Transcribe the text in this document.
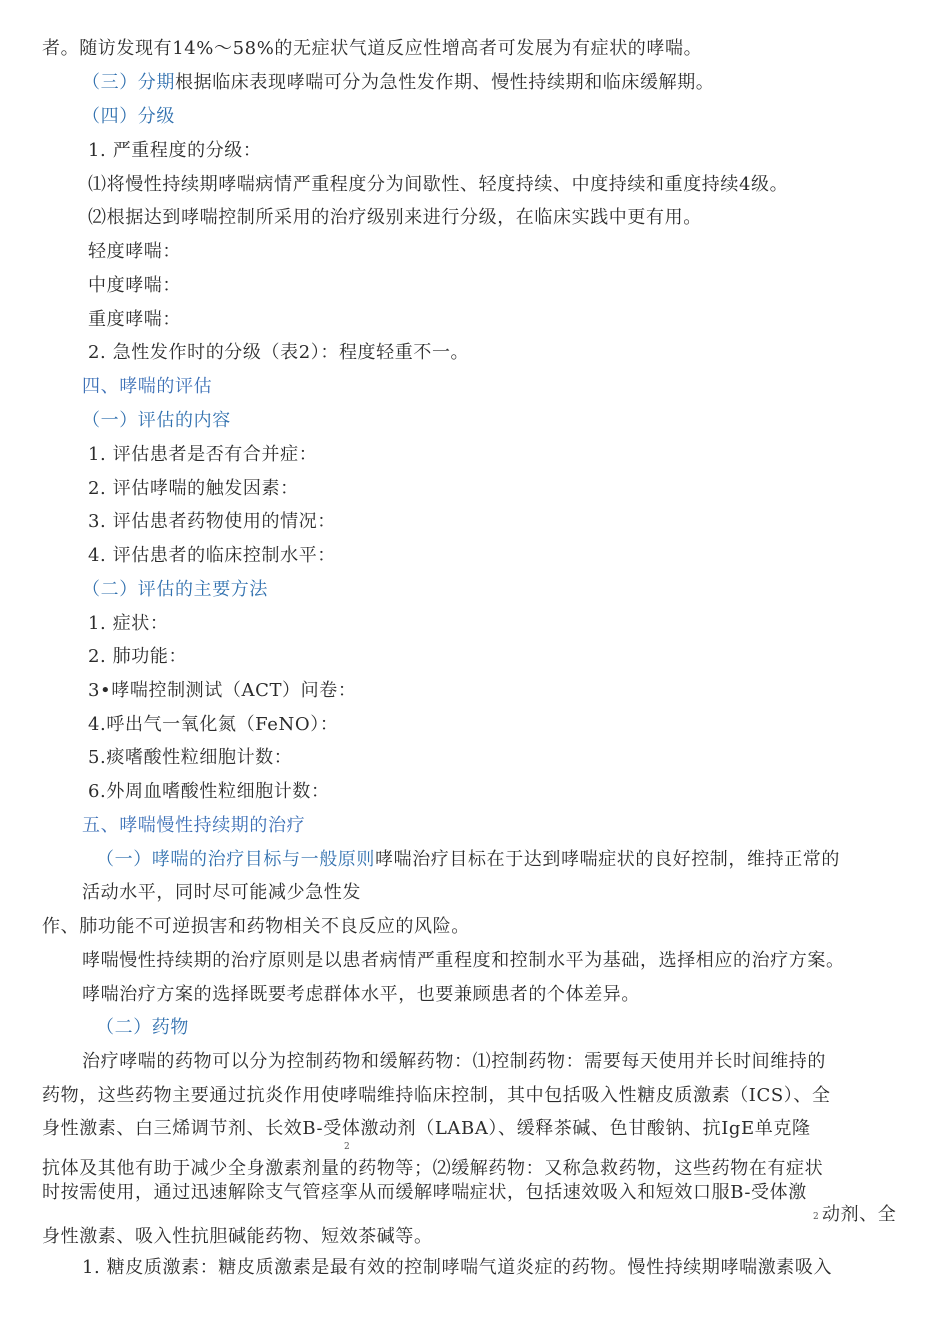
者。随访发现有14%〜58%的无症状气道反应性增高者可发展为有症状的哮喘。
（三）分期根据临床表现哮喘可分为急性发作期、慢性持续期和临床缓解期。
（四）分级
1. 严重程度的分级：
⑴将慢性持续期哮喘病情严重程度分为间歇性、轻度持续、中度持续和重度持续4级。
⑵根据达到哮喘控制所采用的治疗级别来进行分级，在临床实践中更有用。
轻度哮喘：
中度哮喘：
重度哮喘：
2. 急性发作时的分级（表2）：程度轻重不一。
四、哮喘的评估
（一）评估的内容
1. 评估患者是否有合并症：
2. 评估哮喘的触发因素：
3. 评估患者药物使用的情况：
4. 评估患者的临床控制水平：
（二）评估的主要方法
1. 症状：
2. 肺功能：
3•哮喘控制测试（ACT）问卷：
4.呼出气一氧化氮（FeNO）：
5.痰嗜酸性粒细胞计数：
6.外周血嗜酸性粒细胞计数：
五、哮喘慢性持续期的治疗
（一）哮喘的治疗目标与一般原则哮喘治疗目标在于达到哮喘症状的良好控制，维持正常的
活动水平，同时尽可能减少急性发
作、肺功能不可逆损害和药物相关不良反应的风险。
哮喘慢性持续期的治疗原则是以患者病情严重程度和控制水平为基础，选择相应的治疗方案。
哮喘治疗方案的选择既要考虑群体水平，也要兼顾患者的个体差异。
（二）药物
治疗哮喘的药物可以分为控制药物和缓解药物：⑴控制药物：需要每天使用并长时间维持的
药物，这些药物主要通过抗炎作用使哮喘维持临床控制，其中包括吸入性糖皮质激素（ICS）、全
身性激素、白三烯调节剂、长效B-受体激动剂（LABA）、缓释茶碱、色甘酸钠、抗IgE单克隆
2
抗体及其他有助于减少全身激素剂量的药物等；⑵缓解药物：又称急救药物，这些药物在有症状
时按需使用，通过迅速解除支气管痉挛从而缓解哮喘症状，包括速效吸入和短效口服B-受体激
2 动剂、全
身性激素、吸入性抗胆碱能药物、短效茶碱等。
1. 糖皮质激素：糖皮质激素是最有效的控制哮喘气道炎症的药物。慢性持续期哮喘激素吸入
